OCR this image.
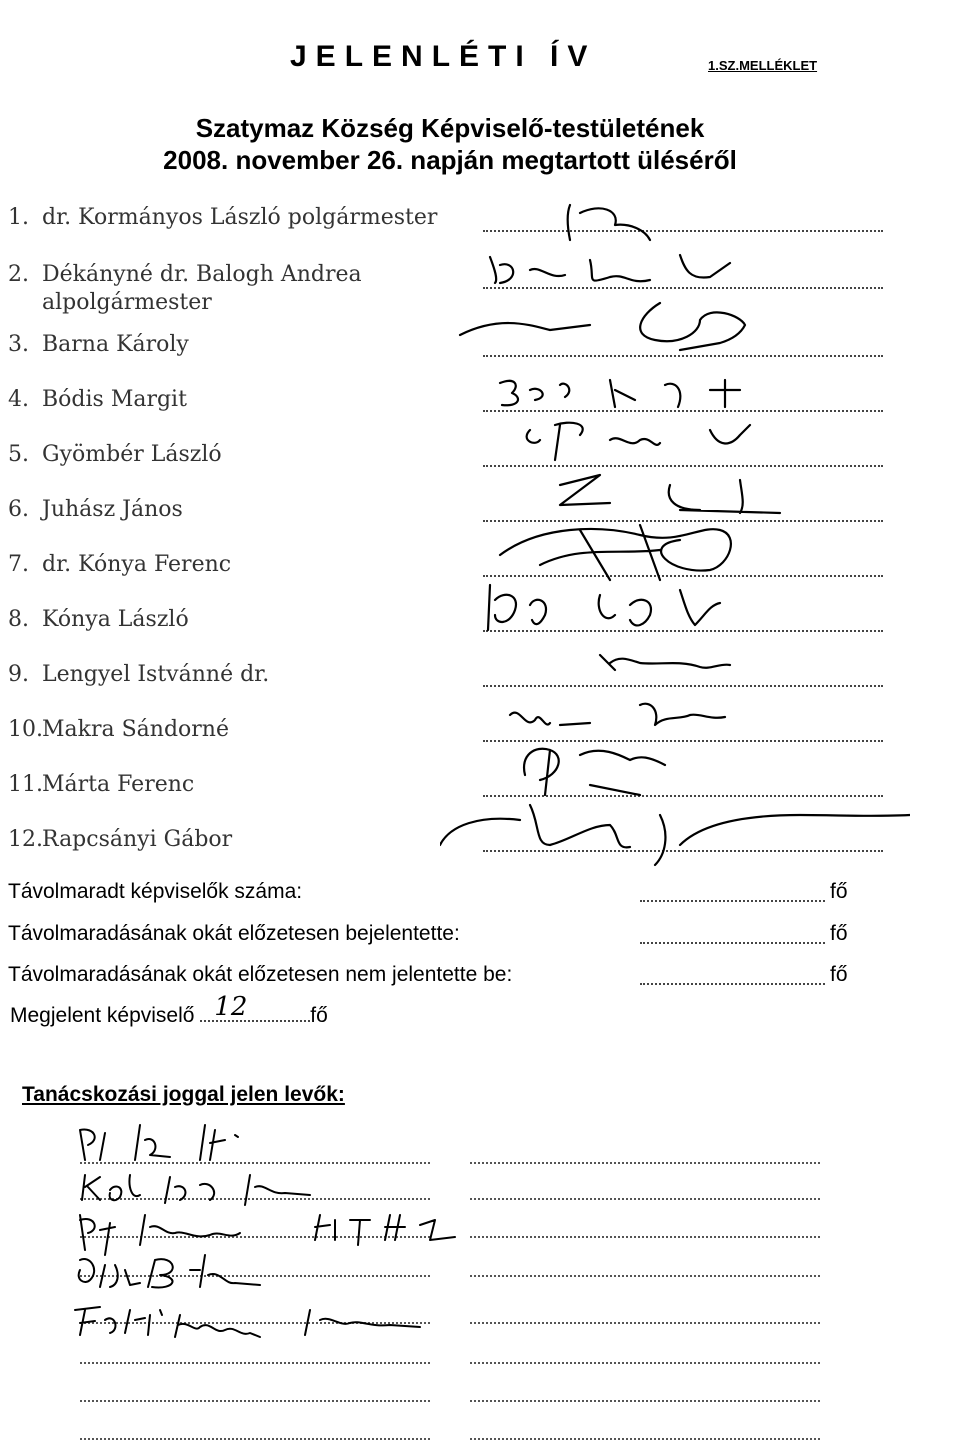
JELENLÉTI ÍV	1.SZ.MELLÉKLET
Szatymaz Község Képviselő-testületének
2008. november 26. napján megtartott üléséről
1. dr. Kormányos László polgármester
2. Dékányné dr. Balogh Andrea
alpolgármester
3. Barna Károly
4. Bódis Margit
5. Gyömbér László
6. Juhász János
7. dr. Kónya Ferenc
8. Kónya László
9. Lengyel Istvánné dr.
10.Makra Sándorné
11.Márta Ferenc
12.Rapcsányi Gábor
Távolmaradt képviselők száma:	fő
Távolmaradásának okát előzetesen bejelentette:	fő
Távolmaradásának okát előzetesen nem jelentette be:	fő
Megjelent képviselő 12	fő
Tanácskozási joggal jelen levők:
